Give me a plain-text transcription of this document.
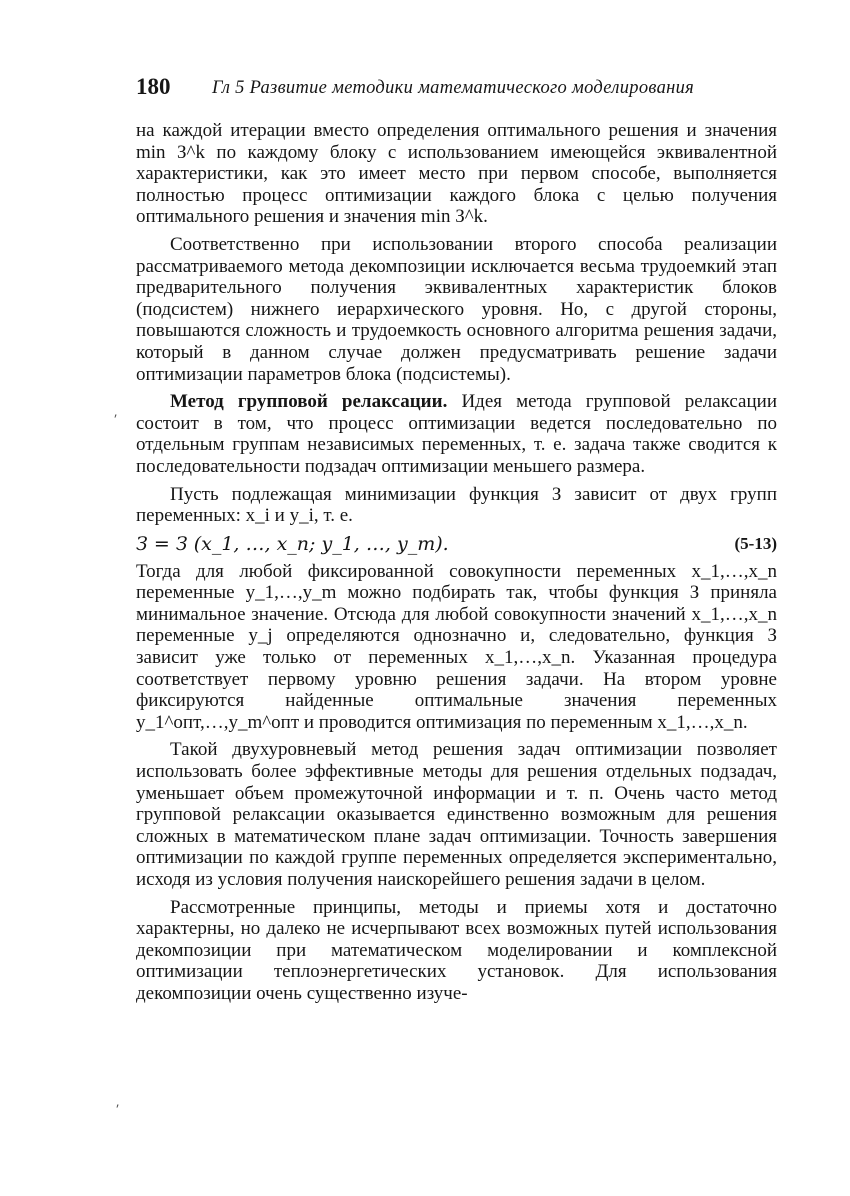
180 Гл 5 Развитие методики математического моделирования

на каждой итерации вместо определения оптимального решения и значения min З^k по каждому блоку с использованием имеющейся эквивалентной характеристики, как это имеет место при первом способе, выполняется полностью процесс оптимизации каждого блока с целью получения оптимального решения и значения min З^k.

Соответственно при использовании второго способа реализации рассматриваемого метода декомпозиции исключается весьма трудоемкий этап предварительного получения эквивалентных характеристик блоков (подсистем) нижнего иерархического уровня. Но, с другой стороны, повышаются сложность и трудоемкость основного алгоритма решения задачи, который в данном случае должен предусматривать решение задачи оптимизации параметров блока (подсистемы).

Метод групповой релаксации. Идея метода групповой релаксации состоит в том, что процесс оптимизации ведется последовательно по отдельным группам независимых переменных, т. е. задача также сводится к последовательности подзадач оптимизации меньшего размера.

Пусть подлежащая минимизации функция З зависит от двух групп переменных: x_i и y_i, т. е.

З = З (x_1, …, x_n; y_1, …, y_m).	(5-13)

Тогда для любой фиксированной совокупности переменных x_1,…,x_n переменные y_1,…,y_m можно подбирать так, чтобы функция З приняла минимальное значение. Отсюда для любой совокупности значений x_1,…,x_n переменные y_j определяются однозначно и, следовательно, функция З зависит уже только от переменных x_1,…,x_n. Указанная процедура соответствует первому уровню решения задачи. На втором уровне фиксируются найденные оптимальные значения переменных y_1^опт,…,y_m^опт и проводится оптимизация по переменным x_1,…,x_n.

Такой двухуровневый метод решения задач оптимизации позволяет использовать более эффективные методы для решения отдельных подзадач, уменьшает объем промежуточной информации и т. п. Очень часто метод групповой релаксации оказывается единственно возможным для решения сложных в математическом плане задач оптимизации. Точность завершения оптимизации по каждой группе переменных определяется экспериментально, исходя из условия получения наискорейшего решения задачи в целом.

Рассмотренные принципы, методы и приемы хотя и достаточно характерны, но далеко не исчерпывают всех возможных путей использования декомпозиции при математическом моделировании и комплексной оптимизации теплоэнергетических установок. Для использования декомпозиции очень существенно изуче-

⸴
⸴
